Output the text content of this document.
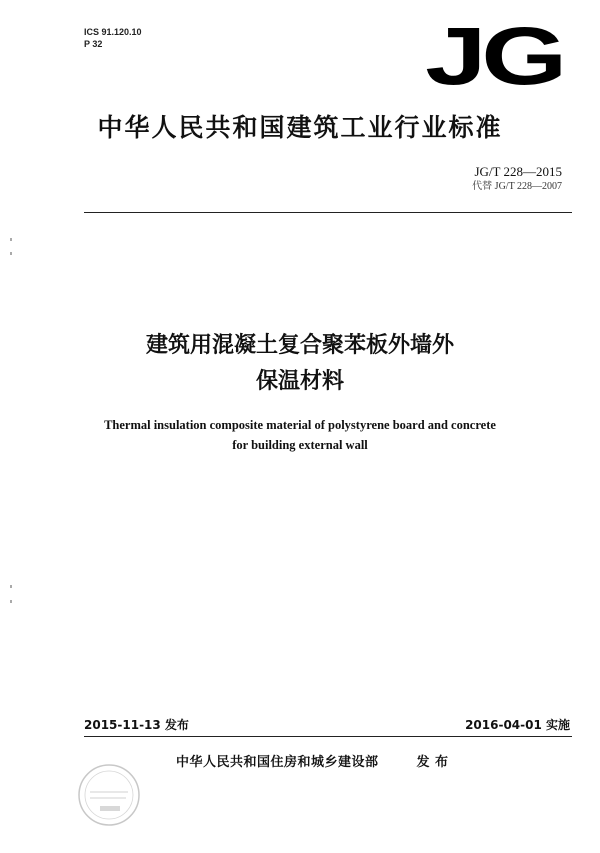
ICS 91.120.10
P 32	JG
中华人民共和国建筑工业行业标准
JG/T 228—2015
代替 JG/T 228—2007
建筑用混凝土复合聚苯板外墙外
保温材料
Thermal insulation composite material of polystyrene board and concrete
for building external wall
2015-11-13 发布	2016-04-01 实施
中华人民共和国住房和城乡建设部	发 布
